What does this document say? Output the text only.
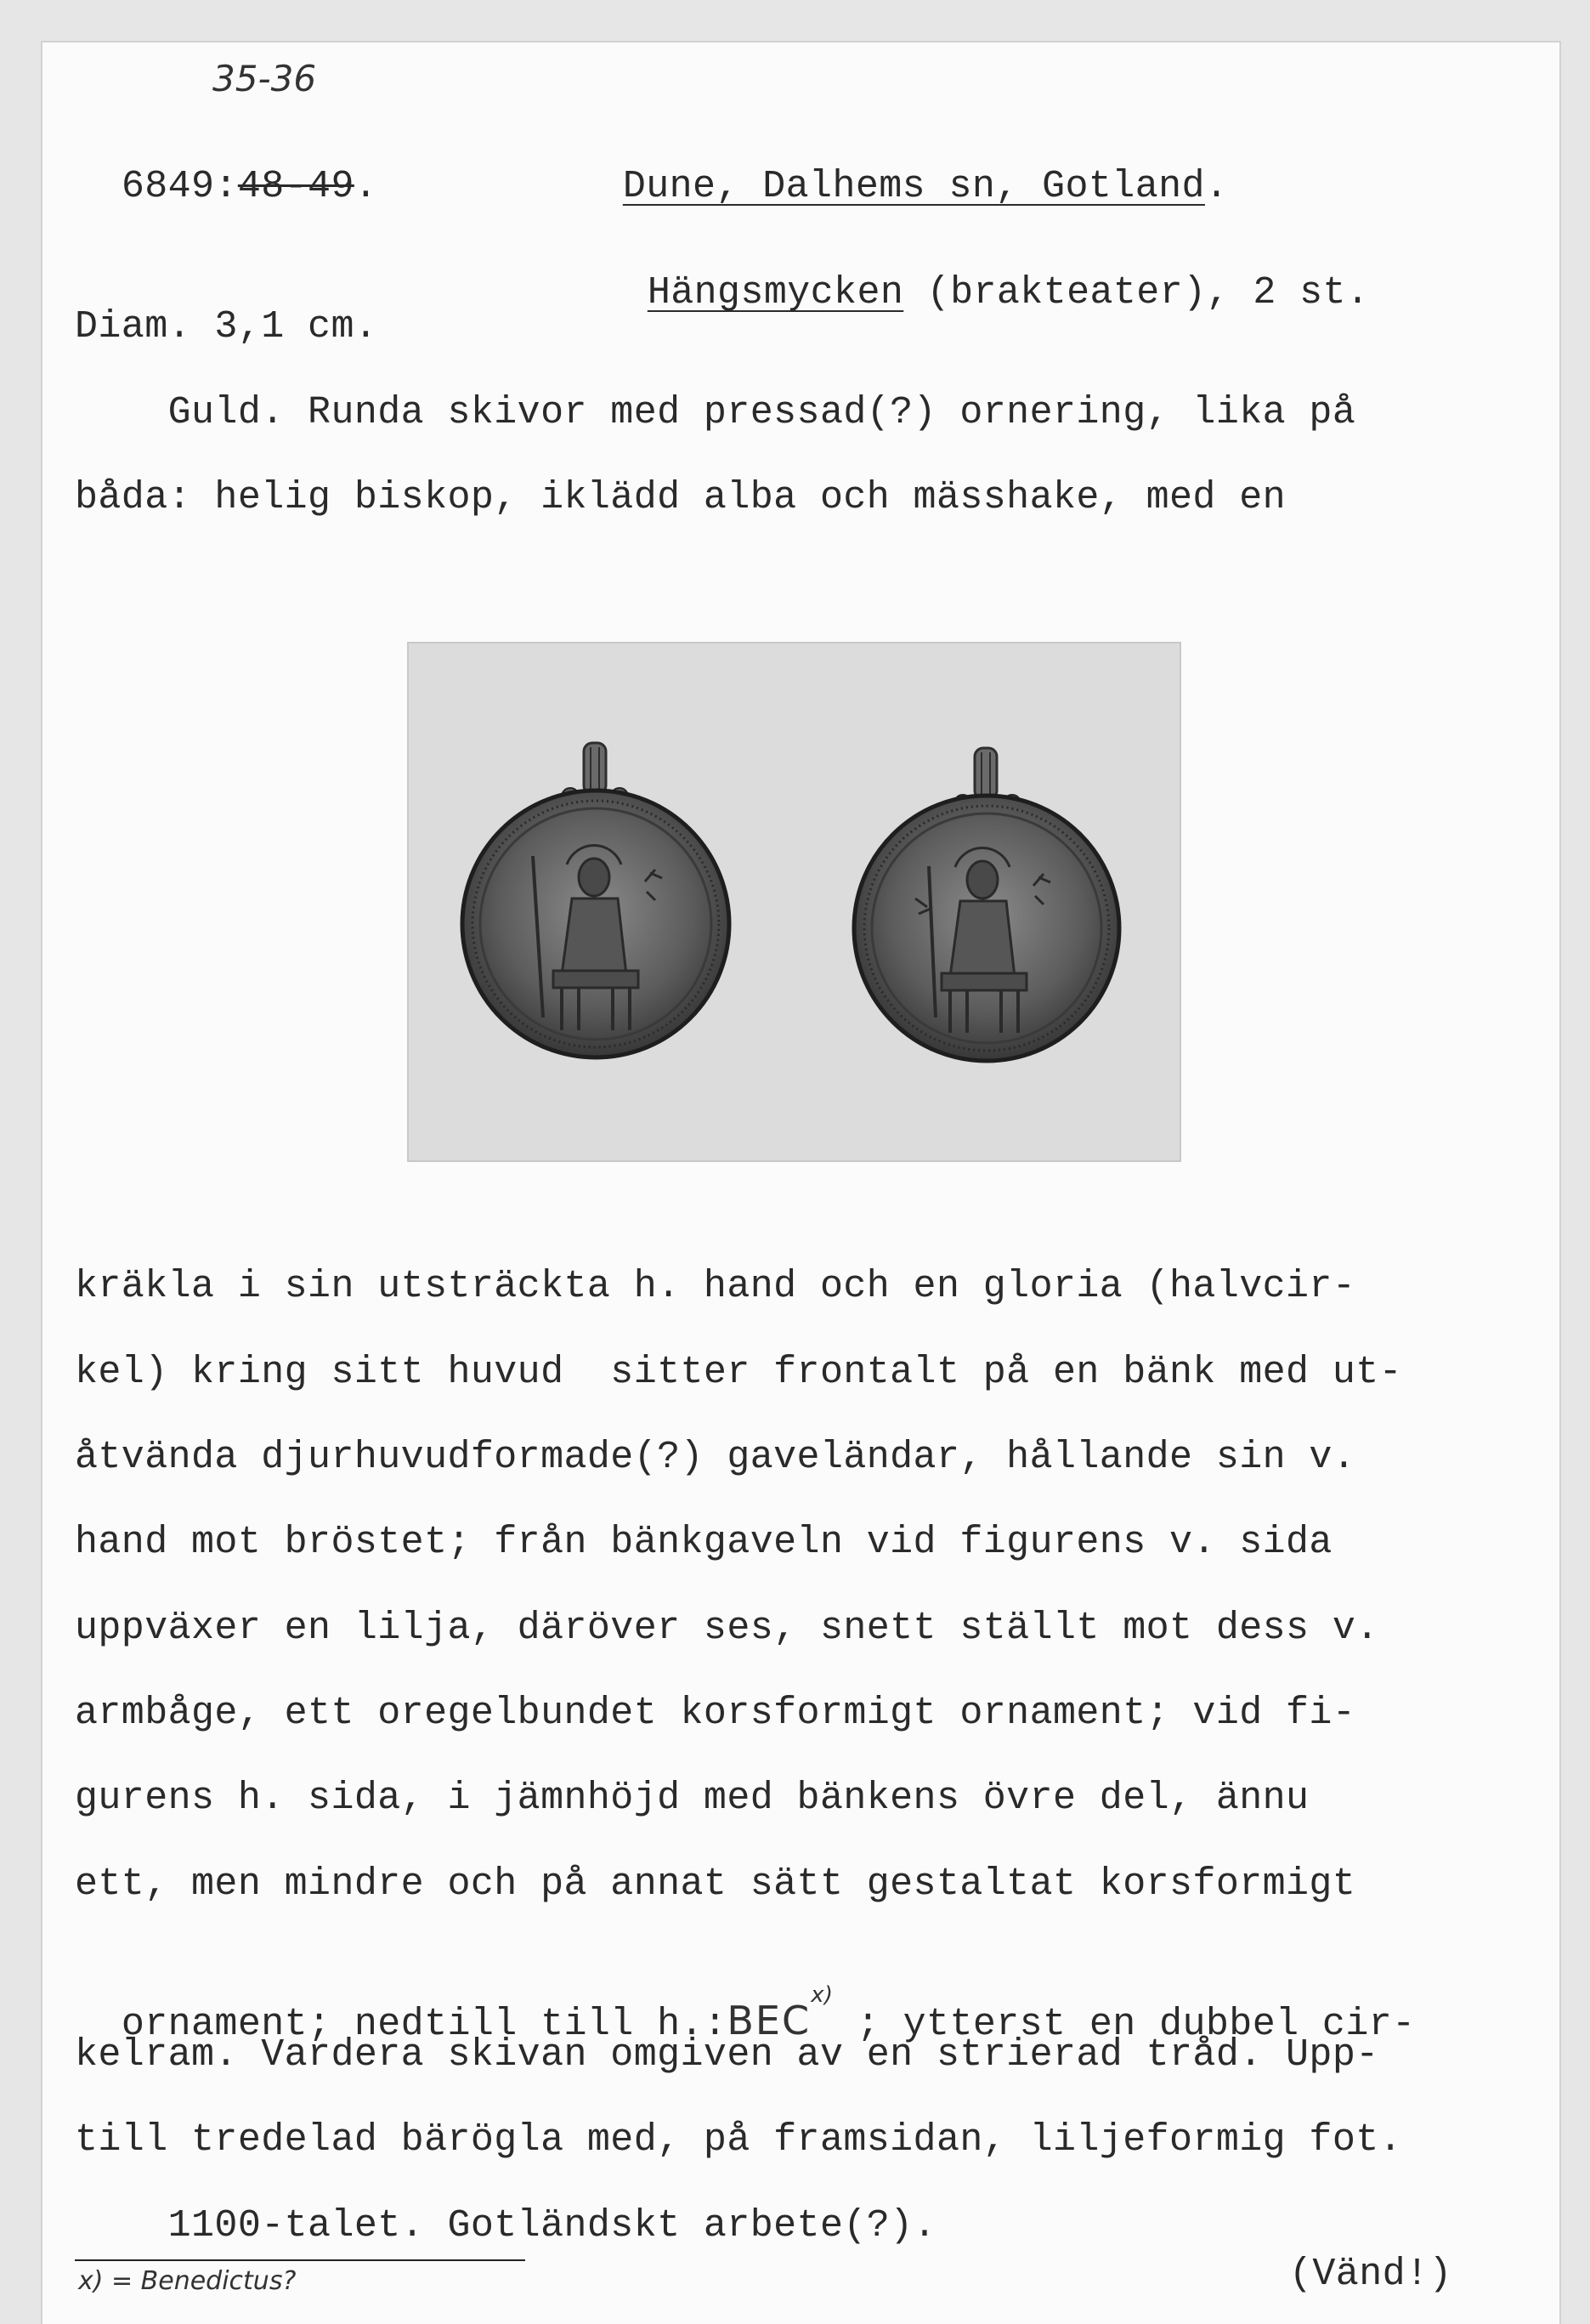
35-36

6849:48-49.	Dune, Dalhems sn, Gotland.

Hängsmycken (brakteater), 2 st.

Diam. 3,1 cm.
Guld. Runda skivor med pressad(?) ornering, lika på
båda: helig biskop, iklädd alba och mässhake, med en
kräkla i sin utsträckta h. hand och en gloria (halvcir-
kel) kring sitt huvud  sitter frontalt på en bänk med ut-
åtvända djurhuvudformade(?) gaveländar, hållande sin v.
hand mot bröstet; från bänkgaveln vid figurens v. sida
uppväxer en lilja, däröver ses, snett ställt mot dess v.
armbåge, ett oregelbundet korsformigt ornament; vid fi-
gurens h. sida, i jämnhöjd med bänkens övre del, ännu
ett, men mindre och på annat sätt gestaltat korsformigt

ornament; nedtill till h.:BEC$^{x)}$ ; ytterst en dubbel cir-

kelram. Vardera skivan omgiven av en strierad tråd. Upp-
till tredelad bärögla med, på framsidan, liljeformig fot.
1100-talet. Gotländskt arbete(?).
x) = Benedictus?	(Vänd!)
